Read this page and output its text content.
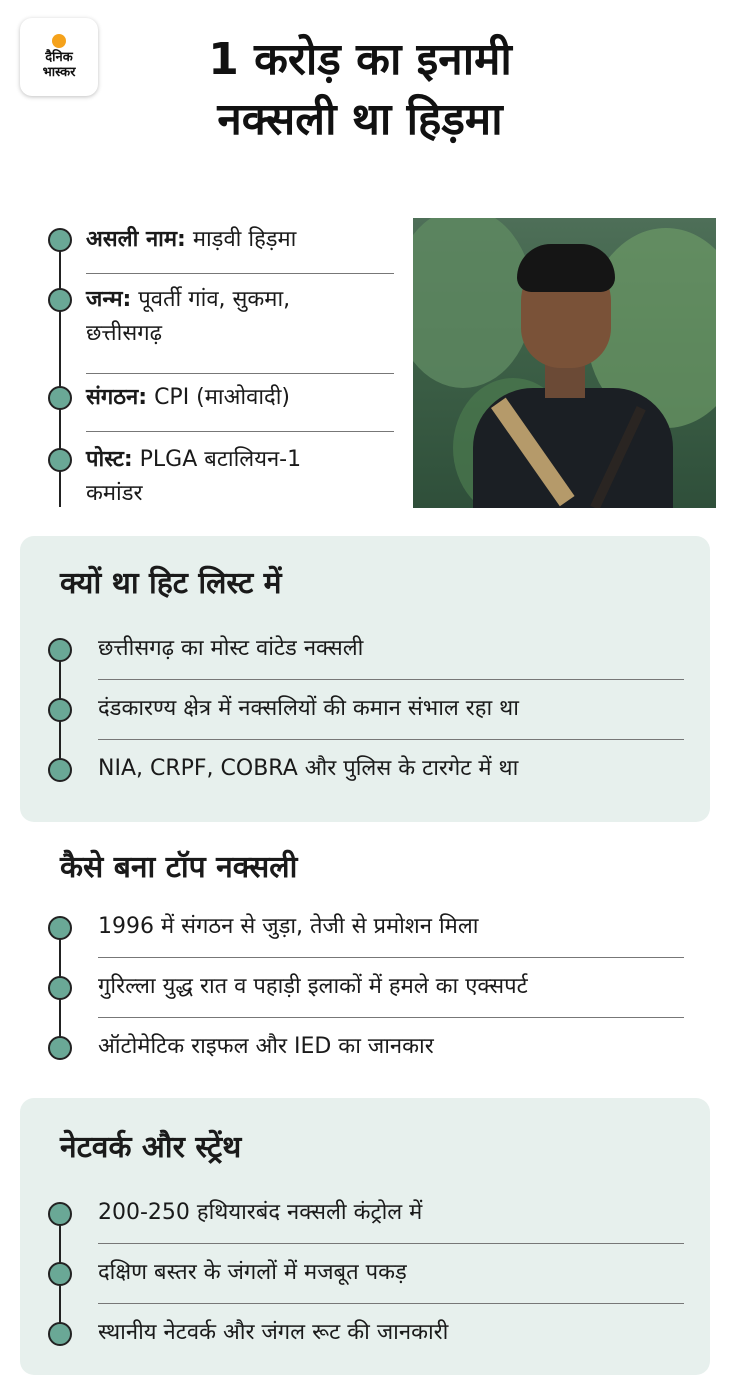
दैनिक
भास्कर	1 करोड़ का इनामी
नक्सली था हिड़मा
असली नाम: माड़वी हिड़मा
जन्म: पूवर्ती गांव, सुकमा,
छत्तीसगढ़
संगठन: CPI (माओवादी)
पोस्ट: PLGA बटालियन-1
कमांडर
क्यों था हिट लिस्ट में
छत्तीसगढ़ का मोस्ट वांटेड नक्सली
दंडकारण्य क्षेत्र में नक्सलियों की कमान संभाल रहा था
NIA, CRPF, COBRA और पुलिस के टारगेट में था
कैसे बना टॉप नक्सली
1996 में संगठन से जुड़ा, तेजी से प्रमोशन मिला
गुरिल्ला युद्ध रात व पहाड़ी इलाकों में हमले का एक्सपर्ट
ऑटोमेटिक राइफल और IED का जानकार
नेटवर्क और स्ट्रेंथ
200-250 हथियारबंद नक्सली कंट्रोल में
दक्षिण बस्तर के जंगलों में मजबूत पकड़
स्थानीय नेटवर्क और जंगल रूट की जानकारी
